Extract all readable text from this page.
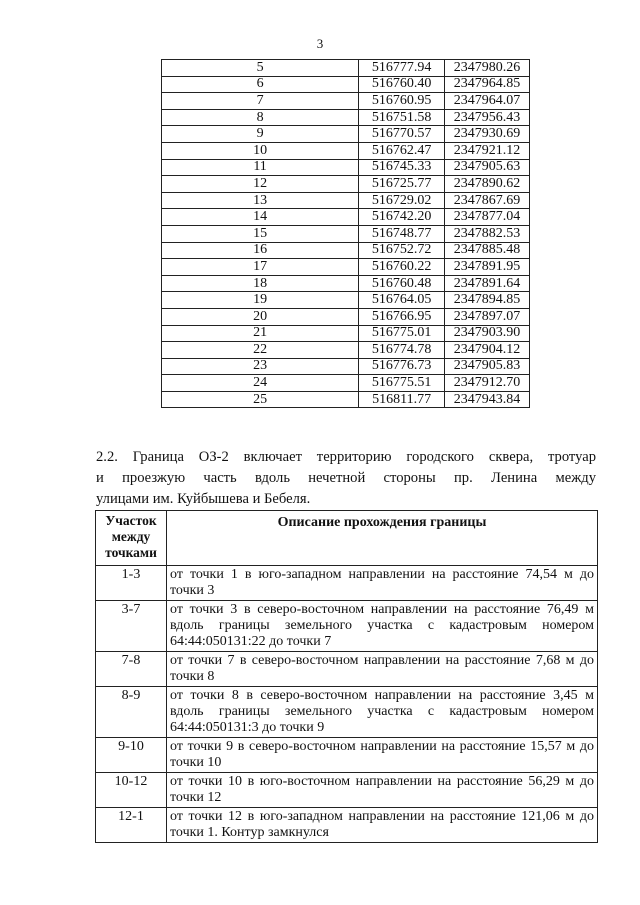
3
5	516777.94	2347980.26
6	516760.40	2347964.85
7	516760.95	2347964.07
8	516751.58	2347956.43
9	516770.57	2347930.69
10	516762.47	2347921.12
11	516745.33	2347905.63
12	516725.77	2347890.62
13	516729.02	2347867.69
14	516742.20	2347877.04
15	516748.77	2347882.53
16	516752.72	2347885.48
17	516760.22	2347891.95
18	516760.48	2347891.64
19	516764.05	2347894.85
20	516766.95	2347897.07
21	516775.01	2347903.90
22	516774.78	2347904.12
23	516776.73	2347905.83
24	516775.51	2347912.70
25	516811.77	2347943.84
2.2. Граница ОЗ-2 включает территорию городского сквера, тротуар
и проезжую часть вдоль нечетной стороны пр. Ленина между
улицами им. Куйбышева и Бебеля.
Участок между точками	Описание прохождения границы
1-3	от точки 1 в юго-западном направлении на расстояние 74,54 м до точки 3
3-7	от точки 3 в северо-восточном направлении на расстояние 76,49 м вдоль границы земельного участка с кадастровым номером 64:44:050131:22 до точки 7
7-8	от точки 7 в северо-восточном направлении на расстояние 7,68 м до точки 8
8-9	от точки 8 в северо-восточном направлении на расстояние 3,45 м вдоль границы земельного участка с кадастровым номером 64:44:050131:3 до точки 9
9-10	от точки 9 в северо-восточном направлении на расстояние 15,57 м до точки 10
10-12	от точки 10 в юго-восточном направлении на расстояние 56,29 м до точки 12
12-1	от точки 12 в юго-западном направлении на расстояние 121,06 м до точки 1. Контур замкнулся
